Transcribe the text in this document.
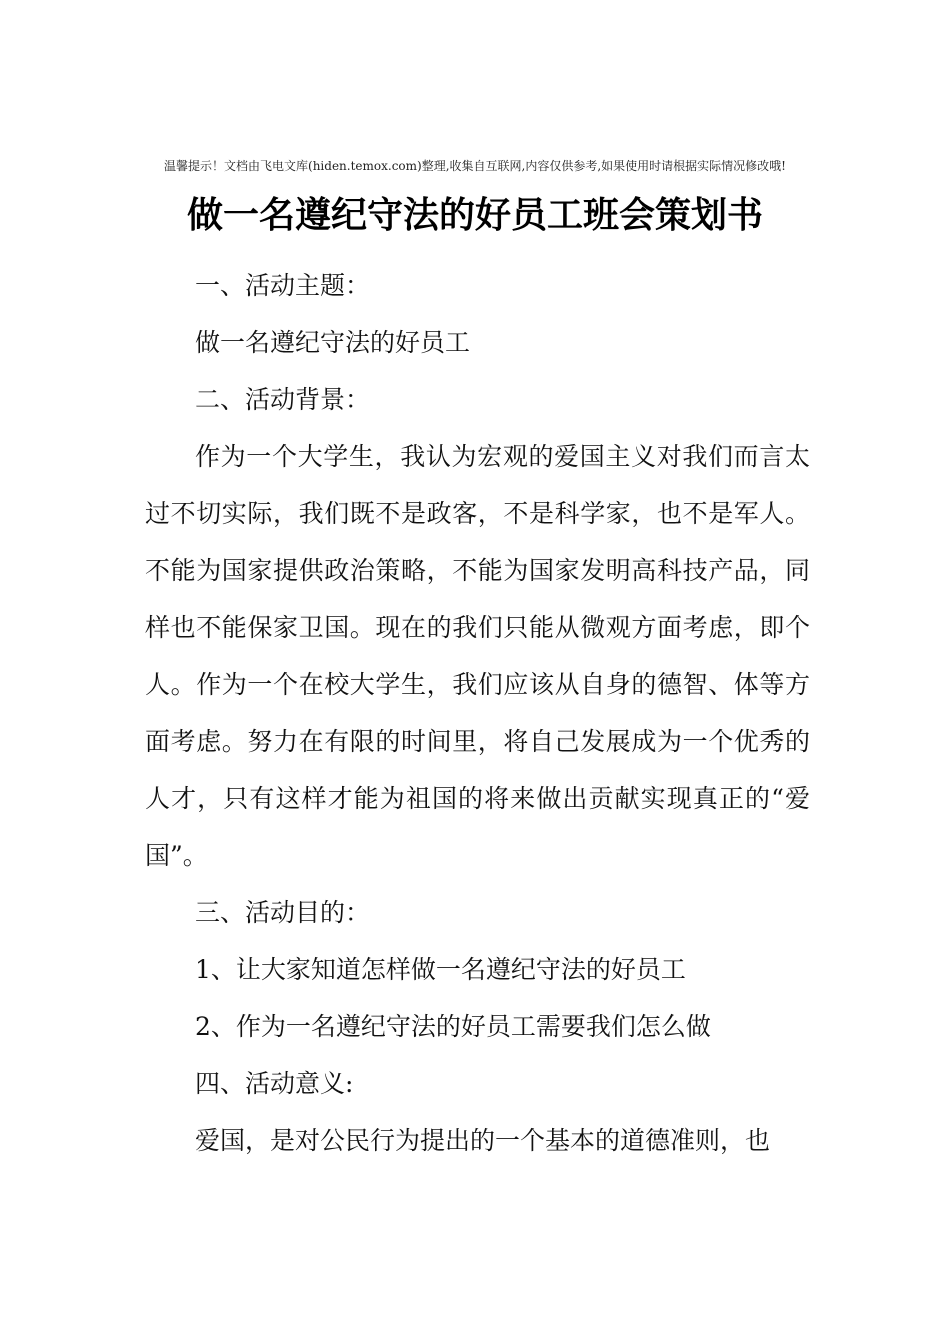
温馨提示！文档由飞电文库(hiden.temox.com)整理,收集自互联网,内容仅供参考,如果使用时请根据实际情况修改哦!
做一名遵纪守法的好员工班会策划书

一、活动主题：

做一名遵纪守法的好员工

二、活动背景：

作为一个大学生，我认为宏观的爱国主义对我们而言太过不切实际，我们既不是政客，不是科学家，也不是军人。不能为国家提供政治策略，不能为国家发明高科技产品，同样也不能保家卫国。现在的我们只能从微观方面考虑，即个人。作为一个在校大学生，我们应该从自身的德智、体等方面考虑。努力在有限的时间里，将自己发展成为一个优秀的人才，只有这样才能为祖国的将来做出贡献实现真正的“爱国”。

三、活动目的：

1、让大家知道怎样做一名遵纪守法的好员工

2、作为一名遵纪守法的好员工需要我们怎么做

四、活动意义:

爱国，是对公民行为提出的一个基本的道德准则，也
